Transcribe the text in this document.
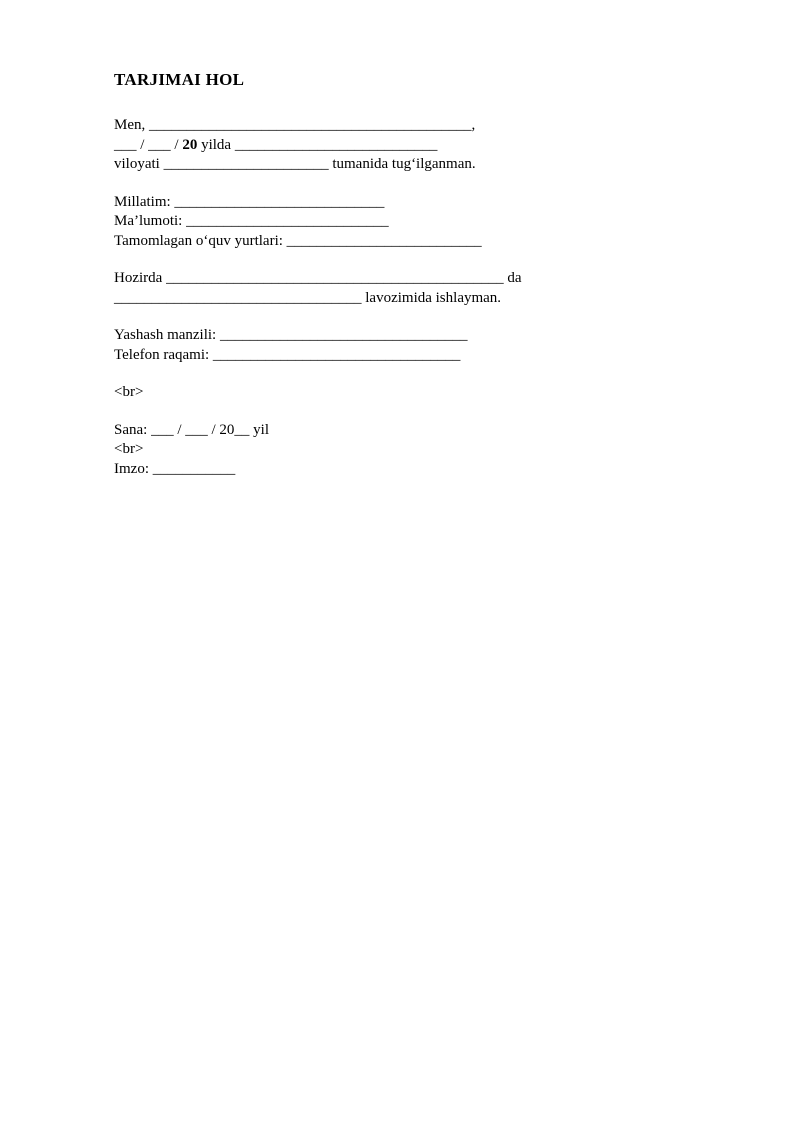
TARJIMAI HOL

Men, ___________________________________________,

___ / ___ / 20 yilda ___________________________

viloyati ______________________ tumanida tug‘ilganman.

Millatim: ____________________________

Ma’lumoti: ___________________________

Tamomlagan o‘quv yurtlari: __________________________

Hozirda _____________________________________________ da

_________________________________ lavozimida ishlayman.

Yashash manzili: _________________________________

Telefon raqami: _________________________________

<br>

Sana: ___ / ___ / 20__ yil

<br>

Imzo: ___________
